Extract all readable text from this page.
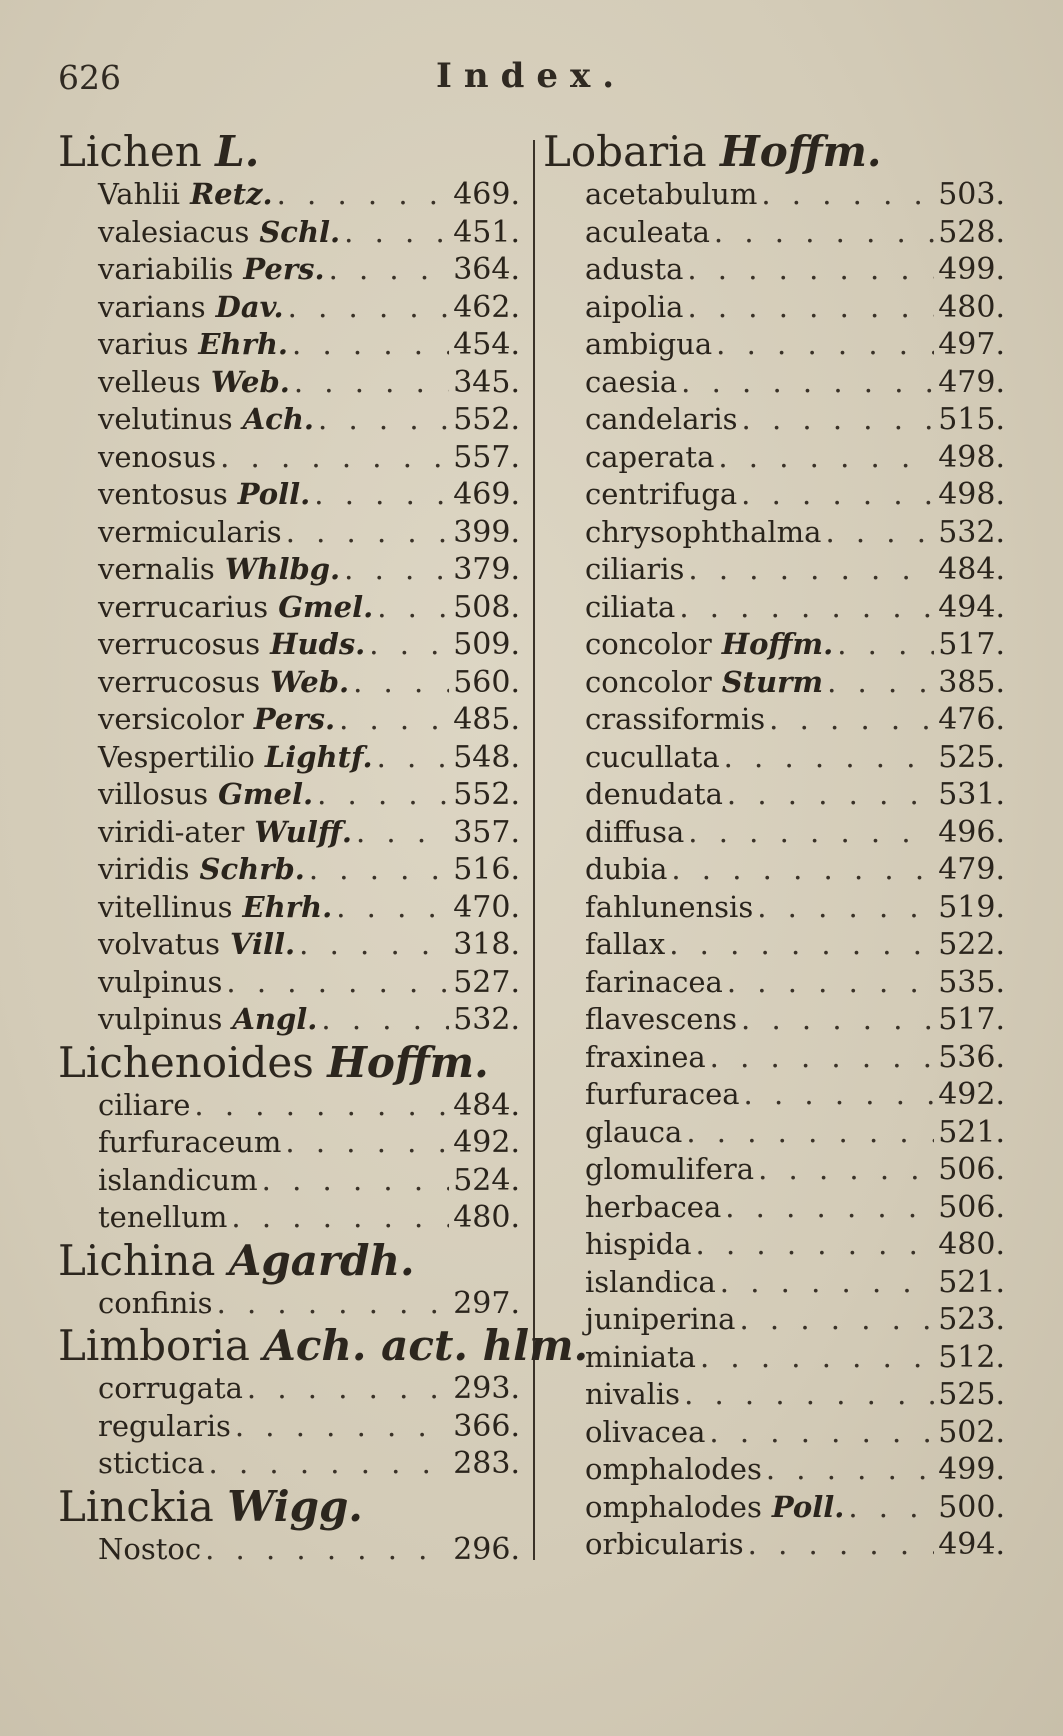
626	Index.
Lichen L.
Vahlii Retz. . . .	469.
valesiacus Schl. . . .	451.
variabilis Pers. . . .	364.
varians Dav. . . .	462.
varius Ehrh. . . .	454.
velleus Web. . . .	345.
velutinus Ach. . . .	552.
venosus . . .	557.
ventosus Poll. . . .	469.
vermicularis . . .	399.
vernalis Whlbg. . . .	379.
verrucarius Gmel. . . .	508.
verrucosus Huds. . . .	509.
verrucosus Web. . . .	560.
versicolor Pers. . . .	485.
Vespertilio Lightf. . . .	548.
villosus Gmel. . . .	552.
viridi-ater Wulff. . . .	357.
viridis Schrb. . . .	516.
vitellinus Ehrh. . . .	470.
volvatus Vill. . . .	318.
vulpinus . . .	527.
vulpinus Angl. . . .	532.
Lichenoides Hoffm.
ciliare . . .	484.
furfuraceum . . .	492.
islandicum . . .	524.
tenellum . . .	480.
Lichina Agardh.
confinis . . .	297.
Limboria Ach. act. hlm.
corrugata . . .	293.
regularis . . .	366.
stictica . . .	283.
Linckia Wigg.
Nostoc . . .	296.
Lobaria Hoffm.
acetabulum . . .	503.
aculeata . . .	528.
adusta . . .	499.
aipolia . . .	480.
ambigua . . .	497.
caesia . . .	479.
candelaris . . .	515.
caperata . . .	498.
centrifuga . . .	498.
chrysophthalma . . .	532.
ciliaris . . .	484.
ciliata . . .	494.
concolor Hoffm. . . .	517.
concolor Sturm . . .	385.
crassiformis . . .	476.
cucullata . . .	525.
denudata . . .	531.
diffusa . . .	496.
dubia . . .	479.
fahlunensis . . .	519.
fallax . . .	522.
farinacea . . .	535.
flavescens . . .	517.
fraxinea . . .	536.
furfuracea . . .	492.
glauca . . .	521.
glomulifera . . .	506.
herbacea . . .	506.
hispida . . .	480.
islandica . . .	521.
juniperina . . .	523.
miniata . . .	512.
nivalis . . .	525.
olivacea . . .	502.
omphalodes . . .	499.
omphalodes Poll. . . .	500.
orbicularis . . .	494.
